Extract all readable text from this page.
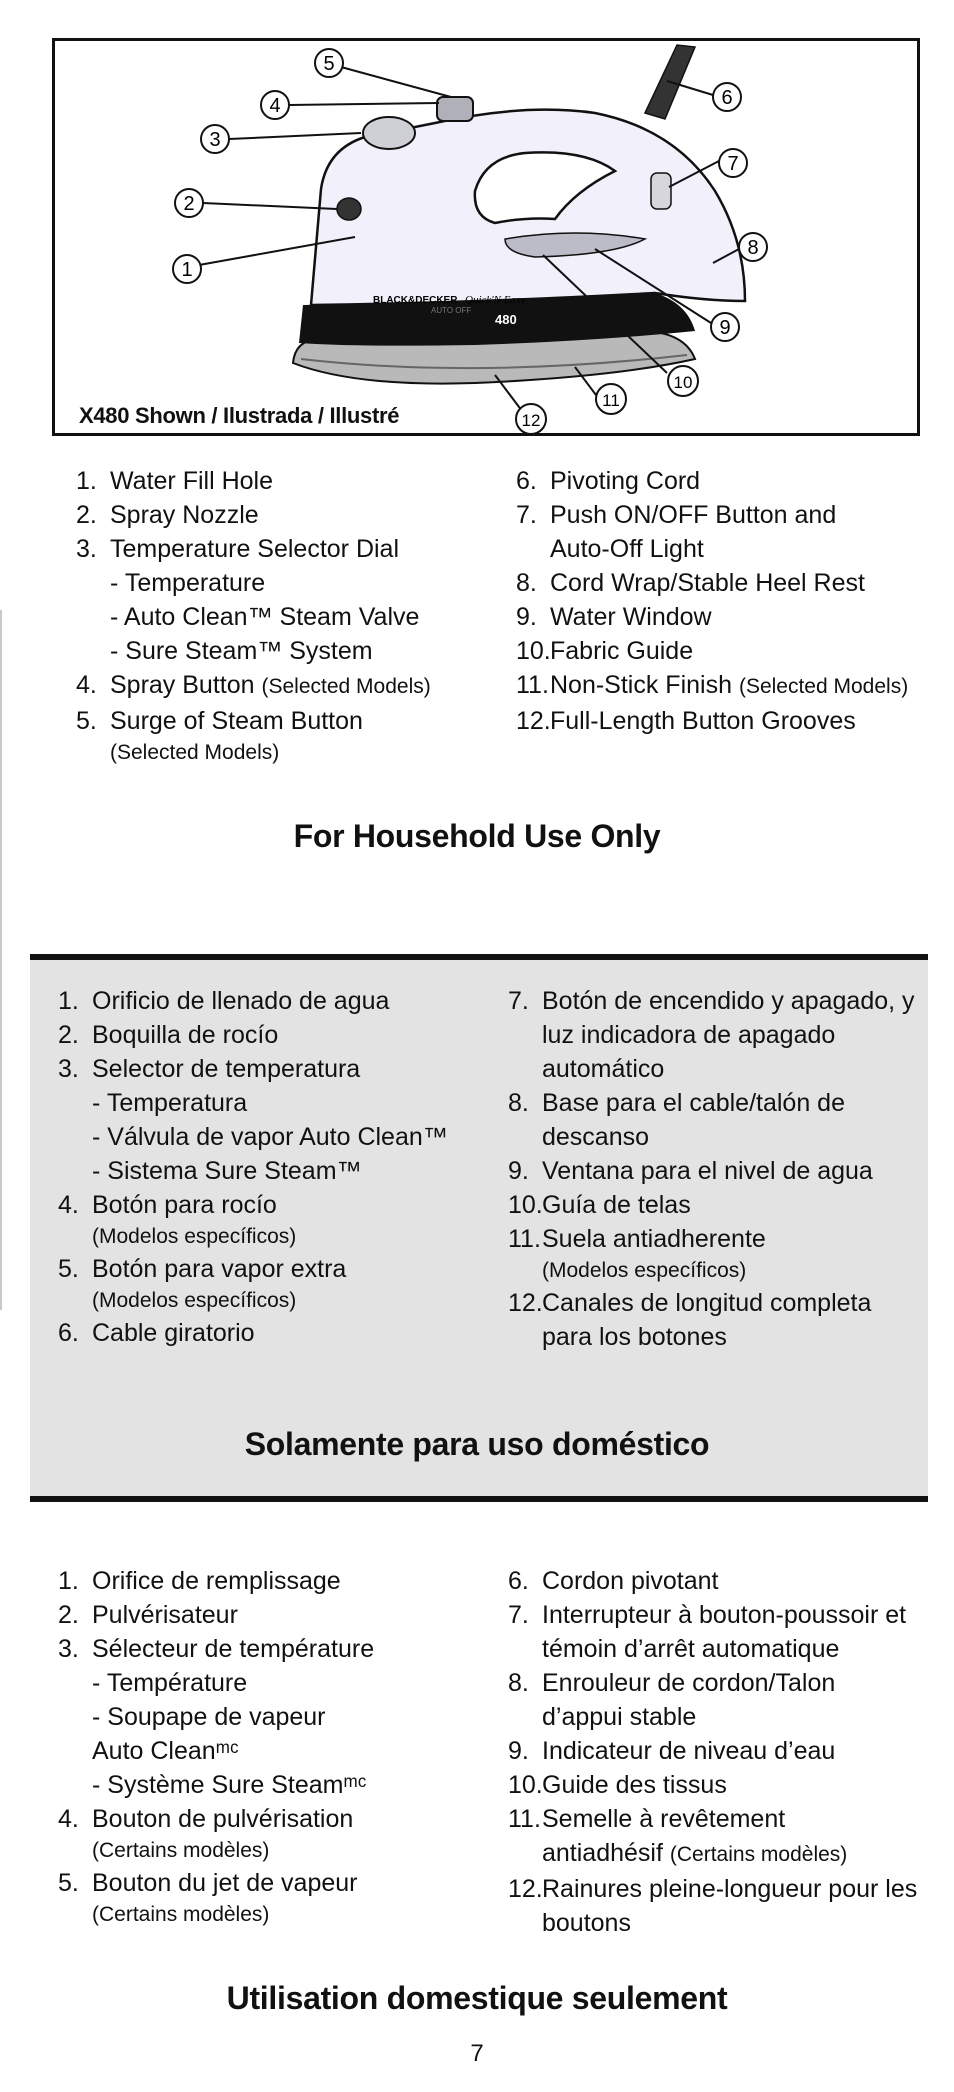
BLACK&DECKER Quick'N Easy
480
AUTO OFF
1
2
3
4
5
6
7
8
9
10
11
12
X480 Shown / Ilustrada / Illustré
1. Water Fill Hole
2. Spray Nozzle
3. Temperature Selector Dial
- Temperature
- Auto Clean™ Steam Valve
- Sure Steam™ System
4. Spray Button (Selected Models)
5. Surge of Steam Button
(Selected Models)
6. Pivoting Cord
7. Push ON/OFF Button and
Auto-Off Light
8. Cord Wrap/Stable Heel Rest
9. Water Window
10.Fabric Guide
11.Non-Stick Finish (Selected Models)
12.Full-Length Button Grooves
For Household Use Only
1. Orificio de llenado de agua
2. Boquilla de rocío
3. Selector de temperatura
- Temperatura
- Válvula de vapor Auto Clean™
- Sistema Sure Steam™
4. Botón para rocío
(Modelos específicos)
5. Botón para vapor extra
(Modelos específicos)
6. Cable giratorio
7. Botón de encendido y apagado, y
luz indicadora de apagado
automático
8. Base para el cable/talón de
descanso
9. Ventana para el nivel de agua
10.Guía de telas
11.Suela antiadherente
(Modelos específicos)
12.Canales de longitud completa
para los botones
Solamente para uso doméstico
1. Orifice de remplissage
2. Pulvérisateur
3. Sélecteur de température
- Température
- Soupape de vapeur
Auto Cleanᵐᶜ
- Système Sure Steamᵐᶜ
4. Bouton de pulvérisation
(Certains modèles)
5. Bouton du jet de vapeur
(Certains modèles)
6. Cordon pivotant
7. Interrupteur à bouton-poussoir et
témoin d’arrêt automatique
8. Enrouleur de cordon/Talon
d’appui stable
9. Indicateur de niveau d’eau
10.Guide des tissus
11.Semelle à revêtement
antiadhésif (Certains modèles)
12.Rainures pleine-longueur pour les
boutons
Utilisation domestique seulement
7
